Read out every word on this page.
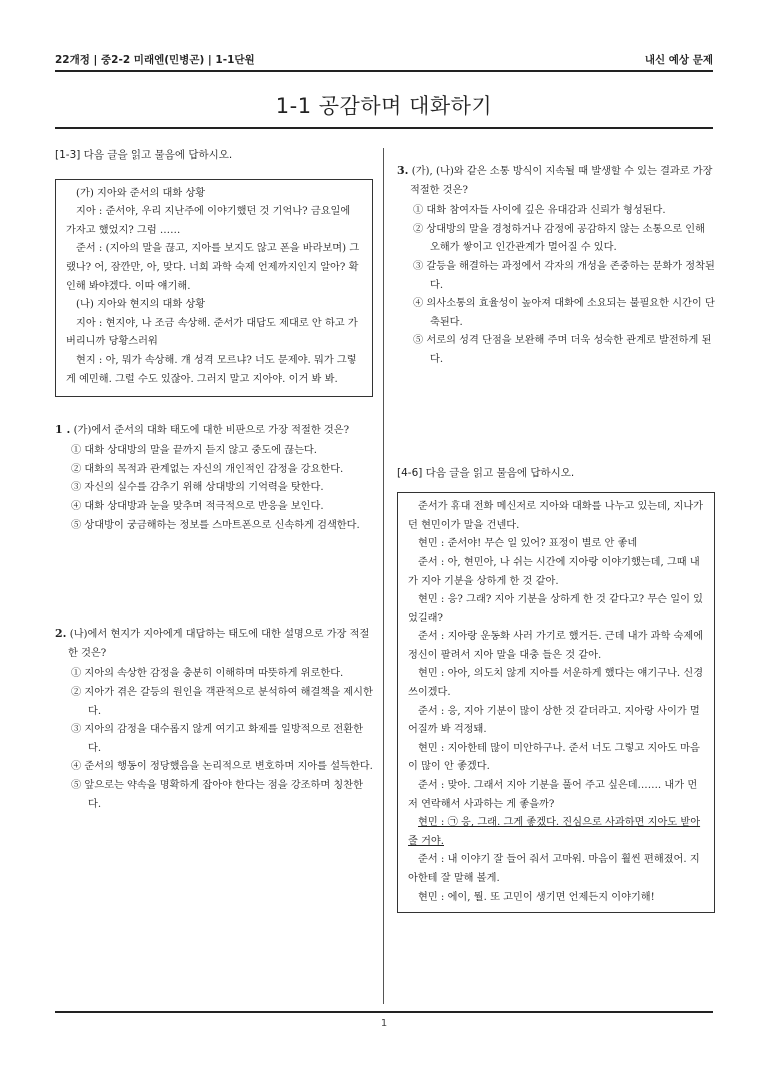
22개정 | 중2-2 미래엔(민병곤) | 1-1단원	내신 예상 문제
1-1 공감하며 대화하기

[1-3] 다음 글을 읽고 물음에 답하시오.

(가) 지아와 준서의 대화 상황

지아 : 준서야, 우리 지난주에 이야기했던 것 기억나? 금요일에 가자고 했었지? 그럼 ……

준서 : (지아의 말을 끊고, 지아를 보지도 않고 폰을 바라보며) 그랬나? 어, 잠깐만, 아, 맞다. 너희 과학 숙제 언제까지인지 알아? 확인해 봐야겠다. 이따 얘기해.

(나) 지아와 현지의 대화 상황

지아 : 현지야, 나 조금 속상해. 준서가 대답도 제대로 안 하고 가 버리니까 당황스러워

현지 : 아, 뭐가 속상해. 걔 성격 모르냐? 너도 문제야. 뭐가 그렇게 예민해. 그럴 수도 있잖아. 그러지 말고 지아야. 이거 봐 봐.

1 . (가)에서 준서의 대화 태도에 대한 비판으로 가장 적절한 것은?
① 대화 상대방의 말을 끝까지 듣지 않고 중도에 끊는다.
② 대화의 목적과 관계없는 자신의 개인적인 감정을 강요한다.
③ 자신의 실수를 감추기 위해 상대방의 기억력을 탓한다.
④ 대화 상대방과 눈을 맞추며 적극적으로 반응을 보인다.
⑤ 상대방이 궁금해하는 정보를 스마트폰으로 신속하게 검색한다.
2. (나)에서 현지가 지아에게 대답하는 태도에 대한 설명으로 가장 적절한 것은?
① 지아의 속상한 감정을 충분히 이해하며 따뜻하게 위로한다.
② 지아가 겪은 갈등의 원인을 객관적으로 분석하여 해결책을 제시한다.
③ 지아의 감정을 대수롭지 않게 여기고 화제를 일방적으로 전환한다.
④ 준서의 행동이 정당했음을 논리적으로 변호하며 지아를 설득한다.
⑤ 앞으로는 약속을 명확하게 잡아야 한다는 점을 강조하며 칭찬한다.
3. (가), (나)와 같은 소통 방식이 지속될 때 발생할 수 있는 결과로 가장 적절한 것은?
① 대화 참여자들 사이에 깊은 유대감과 신뢰가 형성된다.
② 상대방의 말을 경청하거나 감정에 공감하지 않는 소통으로 인해 오해가 쌓이고 인간관계가 멀어질 수 있다.
③ 갈등을 해결하는 과정에서 각자의 개성을 존중하는 문화가 정착된다.
④ 의사소통의 효율성이 높아져 대화에 소요되는 불필요한 시간이 단축된다.
⑤ 서로의 성격 단점을 보완해 주며 더욱 성숙한 관계로 발전하게 된다.

[4-6] 다음 글을 읽고 물음에 답하시오.

준서가 휴대 전화 메신저로 지아와 대화를 나누고 있는데, 지나가던 현민이가 말을 건넨다.

현민 : 준서야! 무슨 일 있어? 표정이 별로 안 좋네

준서 : 아, 현민아, 나 쉬는 시간에 지아랑 이야기했는데, 그때 내가 지아 기분을 상하게 한 것 같아.

현민 : 응? 그래? 지아 기분을 상하게 한 것 같다고? 무슨 일이 있었길래?

준서 : 지아랑 운동화 사러 가기로 했거든. 근데 내가 과학 숙제에 정신이 팔려서 지아 말을 대충 들은 것 같아.

현민 : 아아, 의도치 않게 지아를 서운하게 했다는 얘기구나. 신경 쓰이겠다.

준서 : 응, 지아 기분이 많이 상한 것 같더라고. 지아랑 사이가 멀어질까 봐 걱정돼.

현민 : 지아한테 많이 미안하구나. 준서 너도 그렇고 지아도 마음이 많이 안 좋겠다.

준서 : 맞아. 그래서 지아 기분을 풀어 주고 싶은데……. 내가 먼저 연락해서 사과하는 게 좋을까?

현민 : ㉠ 응, 그래. 그게 좋겠다. 진심으로 사과하면 지아도 받아 줄 거야.

준서 : 내 이야기 잘 들어 줘서 고마워. 마음이 훨씬 편해졌어. 지아한테 잘 말해 볼게.

현민 : 에이, 뭘. 또 고민이 생기면 언제든지 이야기해!

1
